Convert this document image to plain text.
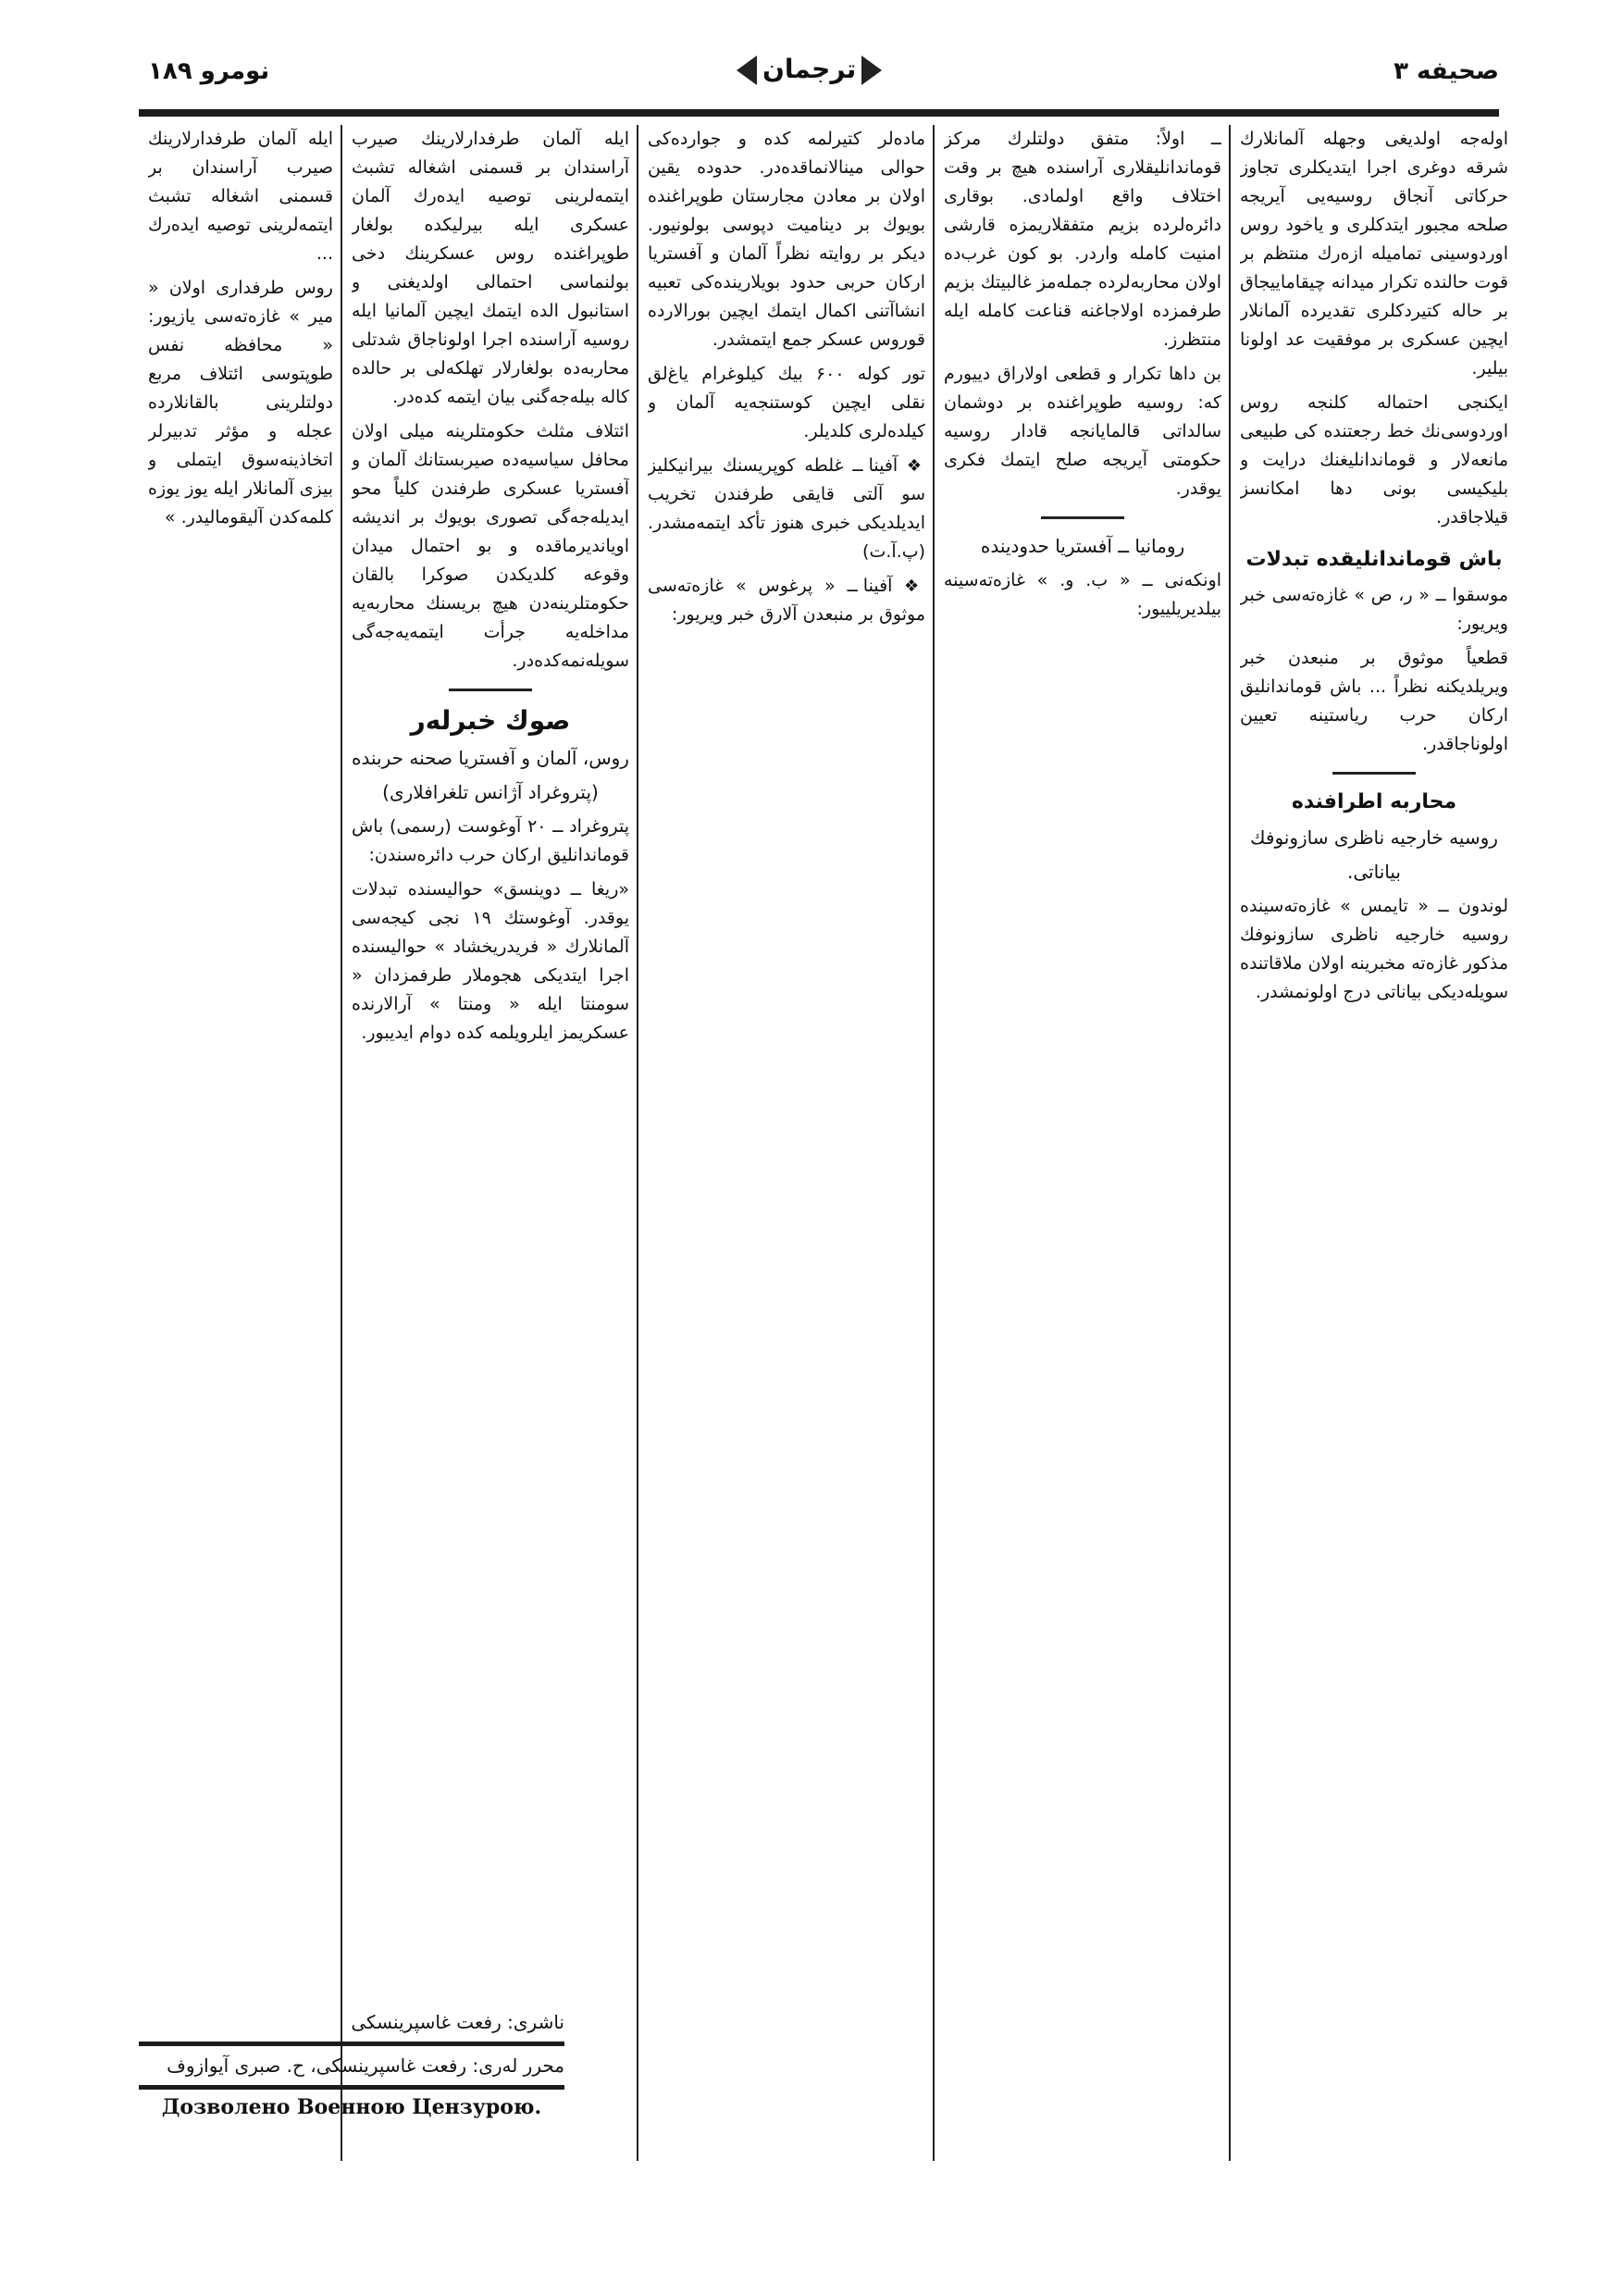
صحیفه ۳
ترجمان
نومرو ۱۸۹

اوله‌جه اولدیغی وجهله آلمانلارك شرقه دوغری اجرا ایتدیكلری تجاوز حركاتی آنجاق روسیه‌یی آیریجه صلحه مجبور ایتدكلری و یاخود روس اوردوسینی تمامیله ازه‌رك منتظم بر قوت حالنده تكرار میدانه چیقاماییجاق بر حاله كتیردكلری تقدیرده آلمانلار ایچین عسكری بر موفقیت عد اولونا بیلیر.

ایكنجی احتماله كلنجه روس اوردوسی‌نك خط رجعتنده كی طبیعی مانعه‌لار و قوماندانلیغنك درایت و بلیكیسی بونی دها امكانسز قیلاجاقدر.

باش قوماندانلیقده تبدلات

موسقوا ــ « ر، ص » غازه‌ته‌سی خبر ویریور:

قطعیاً موثوق بر منبعدن خبر ویریلدیكنه نظراً ... باش قوماندانلیق اركان حرب ریاستینه تعیین اولوناجاقدر.

محاربه اطرافنده
روسیه خارجیه ناظری سازونوفك
بیاناتی.

لوندون ــ « تایمس » غازه‌ته‌سینده روسیه خارجیه ناظری سازونوفك مذكور غازه‌ته مخبرینه اولان ملاقاتنده سویله‌دیكی بیاناتی درج اولونمشدر.

ــ اولاً: متفق دولتلرك مركز قوماندانلیقلاری آراسنده هیچ بر وقت اختلاف واقع اولمادی. بوقاری دائره‌لرده بزیم متفقلاریمزه قارشی امنیت كامله واردر. بو كون غرب‌ده اولان محاربه‌لرده جمله‌مز غالبیتك بزیم طرفمزده اولاجاغنه قناعت كامله ایله منتظرز.

بن داها تكرار و قطعی اولاراق دییورم كه: روسیه طوپراغنده بر دوشمان سالداتی قالمایانجه قادار روسیه حكومتی آیریجه صلح ایتمك فكری یوقدر.

رومانیا ــ آفستریا حدودینده

اونكه‌نی ــ « ب. و. » غازه‌ته‌سینه بیلدیریلییور:

ماده‌لر كتیرلمه كده و جوارده‌كی حوالی مینالانماقده‌در. حدوده یقین اولان بر معادن مجارستان طوپراغنده بویوك بر دینامیت دپوسی بولونیور. دیكر بر روایته نظراً آلمان و آفستریا اركان حربی حدود بویلارینده‌كی تعبیه انشاآتنی اكمال ایتمك ایچین بورالارده قوروس عسكر جمع ایتمشدر.

تور كوله ۶۰۰ بیك كیلوغرام یاغ‌لق نقلی ایچین كوستنجه‌یه آلمان و كیلده‌لری كلدیلر.

❖ آفینا ــ غلطه كوپریسنك بیرانیكلیز سو آلتی قایقی طرفندن تخریب ایدیلدیكی خبری هنوز تأكد ایتمه‌مشدر. (پ.آ.ت)

❖ آفینا ــ « پرغوس » غازه‌ته‌سی موثوق بر منبعدن آلارق خبر ویریور:

ایله آلمان طرفدارلارینك صیرب آراسندان بر قسمنی اشغاله تشبث ایتمه‌لرینی توصیه ایده‌رك آلمان عسكری ایله بیرلیكده بولغار طوپراغنده روس عسكرینك دخی بولنماسی احتمالی اولدیغنی و استانبول الده ایتمك ایچین آلمانیا ایله روسیه آراسنده اجرا اولوناجاق شدتلی محاربه‌ده بولغارلار تهلكه‌لی بر حالده كاله بیله‌جه‌گنی بیان ایتمه كده‌در.

ائتلاف مثلث حكومتلرینه میلی اولان محافل سیاسیه‌ده صیربستانك آلمان و آفستریا عسكری طرفندن كلیاً محو ایدیله‌جه‌گی تصوری بویوك بر اندیشه اویاندیرماقده و بو احتمال میدان وقوعه كلدیكدن صوكرا بالقان حكومتلرینه‌دن هیچ بریسنك محاربه‌یه مداخله‌یه جرأت ایتمه‌یه‌جه‌گی سویله‌نمه‌كده‌در.

صوك خبرله‌ر
روس، آلمان و آفستریا صحنه حربنده
(پتروغراد آژانس تلغرافلاری)

پتروغراد ــ ۲۰ آوغوست (رسمی) باش قوماندانلیق اركان حرب دائره‌سندن:

«ریغا ــ دوینسق» حوالیسنده تبدلات یوقدر. آوغوستك ۱۹ نجی كیجه‌سی آلمانلارك « فریدریخشاد » حوالیسنده اجرا ایتدیكی هجوملار طرفمزدان « سومنتا ایله « ومنتا » آرالارنده عسكریمز ایلرویلمه كده دوام ایدیبور.

ایله آلمان طرفدارلارینك صیرب آراسندان بر قسمنی اشغاله تشبث ایتمه‌لرینی توصیه ایده‌رك ...

روس طرفداری اولان « میر » غازه‌ته‌سی یازیور: « محافظه نفس طوپتوسی ائتلاف مربع دولتلرینی بالقانلارده عجله و مؤثر تدبیرلر اتخاذینه‌سوق ایتملی و بیزی آلمانلار ایله یوز یوزه كلمه‌كدن آلیقومالیدر. »

ناشری: رفعت غاسپرینسكی
محرر له‌ری: رفعت غاسپرینسكی، ح. صبری آیوازوف
Дозволено Военною Цензурою.
